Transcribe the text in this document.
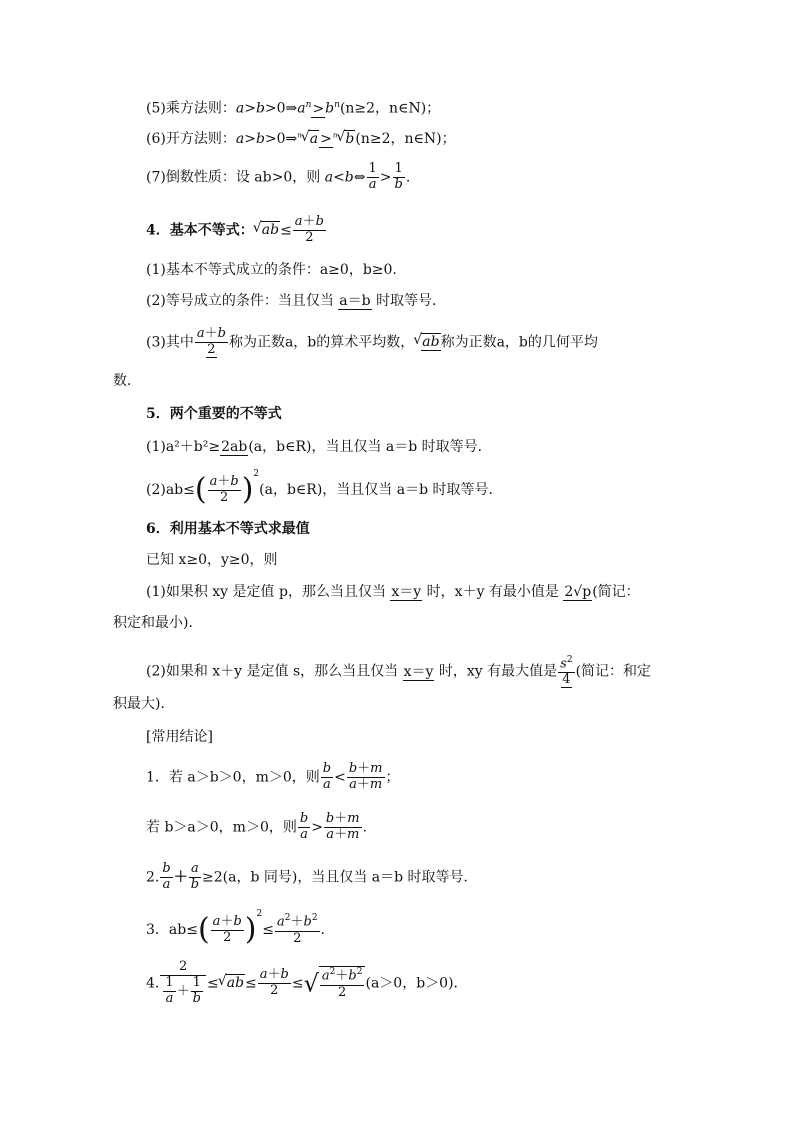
(5)乘方法则：$a>b>0\Rightarrow a^n>b^n(n\ge 2$，n∈N)；
(6)开方法则：a>b>0⇒$^n$ √ a >$^n$ √ b(n≥2，n∈N)；
(7)倒数性质：设 ab>0，则 a<b⇔ $\frac{1}{a} > \frac{1}{b}$ .
4．基本不等式： √ $ab\le \frac{a+b}{2}$
(1)基本不等式成立的条件：a≥0，b≥0.
(2)等号成立的条件：当且仅当 a＝b 时取等号．
(3)其中 $\frac{a+b}{2}$ 称为正数a，b的算术平均数， √ ab称为正数a，b的几何平均
数．
5．两个重要的不等式
(1)a²＋b²≥2ab(a，b∈R)，当且仅当 a＝b 时取等号．
$(2)ab\le( \frac{a+b}{2} )^2(a$，b∈R)，当且仅当 a＝b 时取等号．
6．利用基本不等式求最值
已知 x≥0，y≥0，则
(1)如果积 xy 是定值 p，那么当且仅当 x＝y 时，x＋y 有最小值是 2√p(简记：
积定和最小)．
(2)如果和 x＋y 是定值 s，那么当且仅当 x＝y 时，xy 有最大值是 $\frac{s^2}{4}$ (简记：和定
积最大)．
[常用结论]
1．若 a＞b＞0，m＞0，则 $\frac{b}{a} < \frac{b+m}{a+m}$ ；
若 b＞a＞0，m＞0，则 $\frac{b}{a} > \frac{b+m}{a+m}$ .
2. $\frac{b}{a} + \frac{a}{b} \ge 2(a$，b 同号)，当且仅当 a＝b 时取等号．
3．$ab\le( \frac{a+b}{2} )^2\le \frac{a^2+b^2}{2}$ .
4. $\frac{2}{\frac{1}{a} + \frac{1}{b}}$ ≤ √ $ab\le \frac{a+b}{2}$ ≤√ $\frac{a^2+b^2}{2} (a>0$，b＞0)．
